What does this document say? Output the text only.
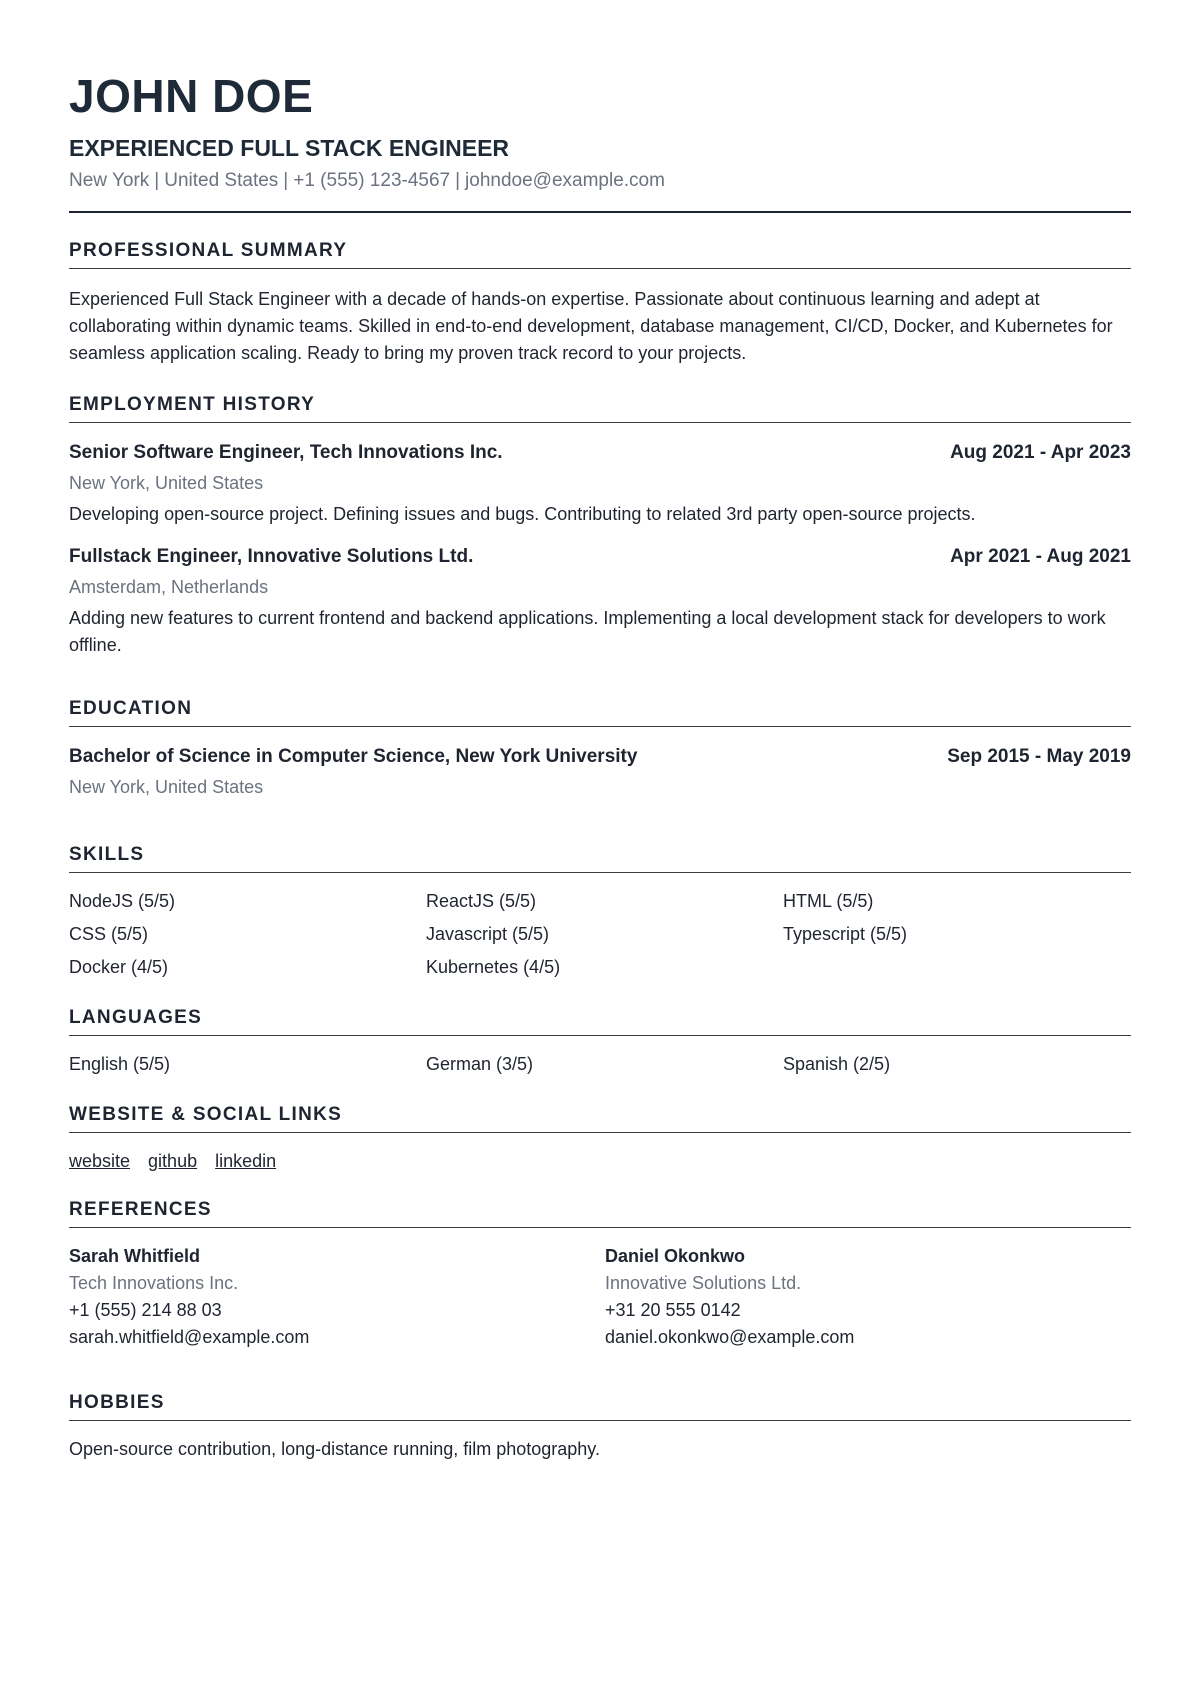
JOHN DOE
EXPERIENCED FULL STACK ENGINEER
New York | United States | +1 (555) 123-4567 | johndoe@example.com
PROFESSIONAL SUMMARY
Experienced Full Stack Engineer with a decade of hands-on expertise. Passionate about continuous learning and adept at collaborating within dynamic teams. Skilled in end-to-end development, database management, CI/CD, Docker, and Kubernetes for seamless application scaling. Ready to bring my proven track record to your projects.
EMPLOYMENT HISTORY
Senior Software Engineer, Tech Innovations Inc.	Aug 2021 - Apr 2023
New York, United States
Developing open-source project. Defining issues and bugs. Contributing to related 3rd party open-source projects.
Fullstack Engineer, Innovative Solutions Ltd.	Apr 2021 - Aug 2021
Amsterdam, Netherlands
Adding new features to current frontend and backend applications. Implementing a local development stack for developers to work offline.
EDUCATION
Bachelor of Science in Computer Science, New York University	Sep 2015 - May 2019
New York, United States
SKILLS
NodeJS (5/5)	ReactJS (5/5)	HTML (5/5)
CSS (5/5)	Javascript (5/5)	Typescript (5/5)
Docker (4/5)	Kubernetes (4/5)
LANGUAGES
English (5/5)	German (3/5)	Spanish (2/5)
WEBSITE & SOCIAL LINKS
website github linkedin
REFERENCES
Sarah Whitfield
Tech Innovations Inc.
+1 (555) 214 88 03
sarah.whitfield@example.com
Daniel Okonkwo
Innovative Solutions Ltd.
+31 20 555 0142
daniel.okonkwo@example.com
HOBBIES
Open-source contribution, long-distance running, film photography.
